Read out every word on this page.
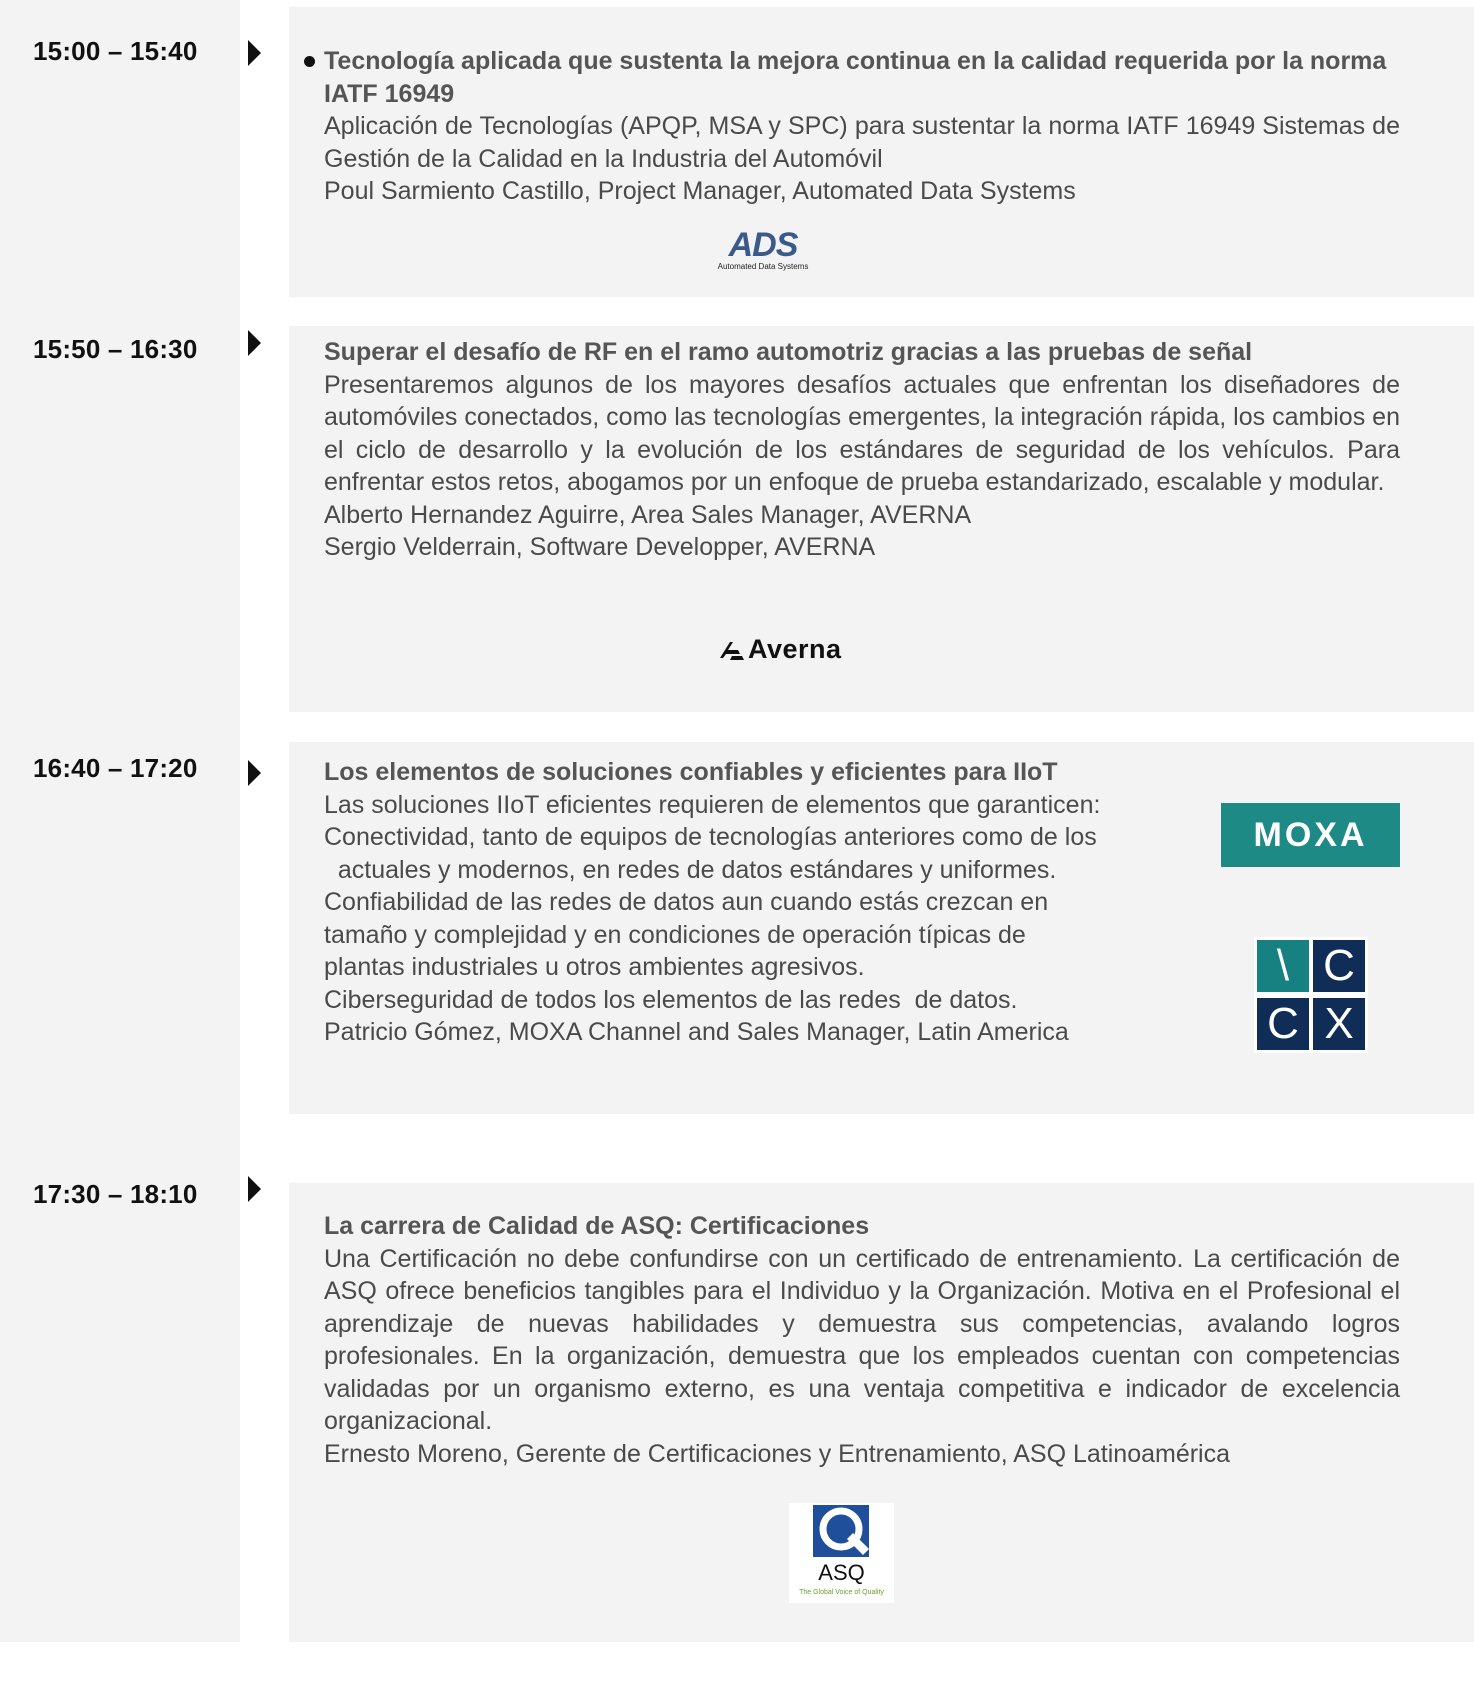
15:00 – 15:40	Tecnología aplicada que sustenta la mejora continua en la calidad requerida por la norma IATF 16949

Aplicación de Tecnologías (APQP, MSA y SPC) para sustentar la norma IATF 16949 Sistemas de Gestión de la Calidad en la Industria del Automóvil

Poul Sarmiento Castillo, Project Manager, Automated Data Systems

ADS
Automated Data Systems
15:50 – 16:30	Superar el desafío de RF en el ramo automotriz gracias a las pruebas de señal

Presentaremos algunos de los mayores desafíos actuales que enfrentan los diseñadores de automóviles conectados, como las tecnologías emergentes, la integración rápida, los cambios en el ciclo de desarrollo y la evolución de los estándares de seguridad de los vehículos. Para enfrentar estos retos, abogamos por un enfoque de prueba estandarizado, escalable y modular.

Alberto Hernandez Aguirre, Area Sales Manager, AVERNA

Sergio Velderrain, Software Developper, AVERNA

Averna
16:40 – 17:20	Los elementos de soluciones confiables y eficientes para IIoT

Las soluciones IIoT eficientes requieren de elementos que garanticen:

Conectividad, tanto de equipos de tecnologías anteriores como de los

actuales y modernos, en redes de datos estándares y uniformes.

Confiabilidad de las redes de datos aun cuando estás crezcan en

tamaño y complejidad y en condiciones de operación típicas de

plantas industriales u otros ambientes agresivos.

Ciberseguridad de todos los elementos de las redes  de datos.

Patricio Gómez, MOXA Channel and Sales Manager, Latin America

MOXA
\ C
C X
17:30 – 18:10

La carrera de Calidad de ASQ: Certificaciones

Una Certificación no debe confundirse con un certificado de entrenamiento. La certificación de ASQ ofrece beneficios tangibles para el Individuo y la Organización. Motiva en el Profesional el aprendizaje de nuevas habilidades y demuestra sus competencias, avalando logros profesionales. En la organización, demuestra que los empleados cuentan con competencias validadas por un organismo externo, es una ventaja competitiva e indicador de excelencia organizacional.

Ernesto Moreno, Gerente de Certificaciones y Entrenamiento, ASQ Latinoamérica

ASQ
The Global Voice of Quality
